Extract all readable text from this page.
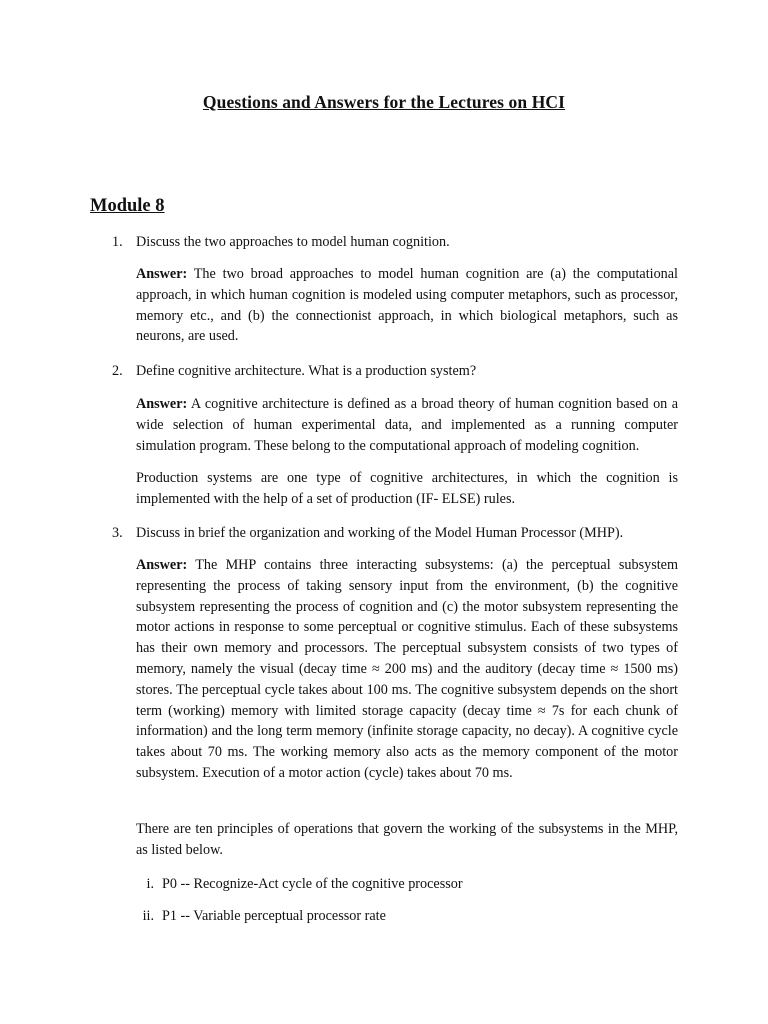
Questions and Answers for the Lectures on HCI
Module 8
1. Discuss the two approaches to model human cognition.
Answer: The two broad approaches to model human cognition are (a) the computational approach, in which human cognition is modeled using computer metaphors, such as processor, memory etc., and (b) the connectionist approach, in which biological metaphors, such as neurons, are used.
2. Define cognitive architecture. What is a production system?
Answer: A cognitive architecture is defined as a broad theory of human cognition based on a wide selection of human experimental data, and implemented as a running computer simulation program. These belong to the computational approach of modeling cognition.
Production systems are one type of cognitive architectures, in which the cognition is implemented with the help of a set of production (IF- ELSE) rules.
3. Discuss in brief the organization and working of the Model Human Processor (MHP).
Answer: The MHP contains three interacting subsystems: (a) the perceptual subsystem representing the process of taking sensory input from the environment, (b) the cognitive subsystem representing the process of cognition and (c) the motor subsystem representing the motor actions in response to some perceptual or cognitive stimulus. Each of these subsystems has their own memory and processors. The perceptual subsystem consists of two types of memory, namely the visual (decay time ≈ 200 ms) and the auditory (decay time ≈ 1500 ms) stores. The perceptual cycle takes about 100 ms. The cognitive subsystem depends on the short term (working) memory with limited storage capacity (decay time ≈ 7s for each chunk of information) and the long term memory (infinite storage capacity, no decay). A cognitive cycle takes about 70 ms. The working memory also acts as the memory component of the motor subsystem. Execution of a motor action (cycle) takes about 70 ms.
There are ten principles of operations that govern the working of the subsystems in the MHP, as listed below.
i. P0 -- Recognize-Act cycle of the cognitive processor
ii. P1 -- Variable perceptual processor rate
